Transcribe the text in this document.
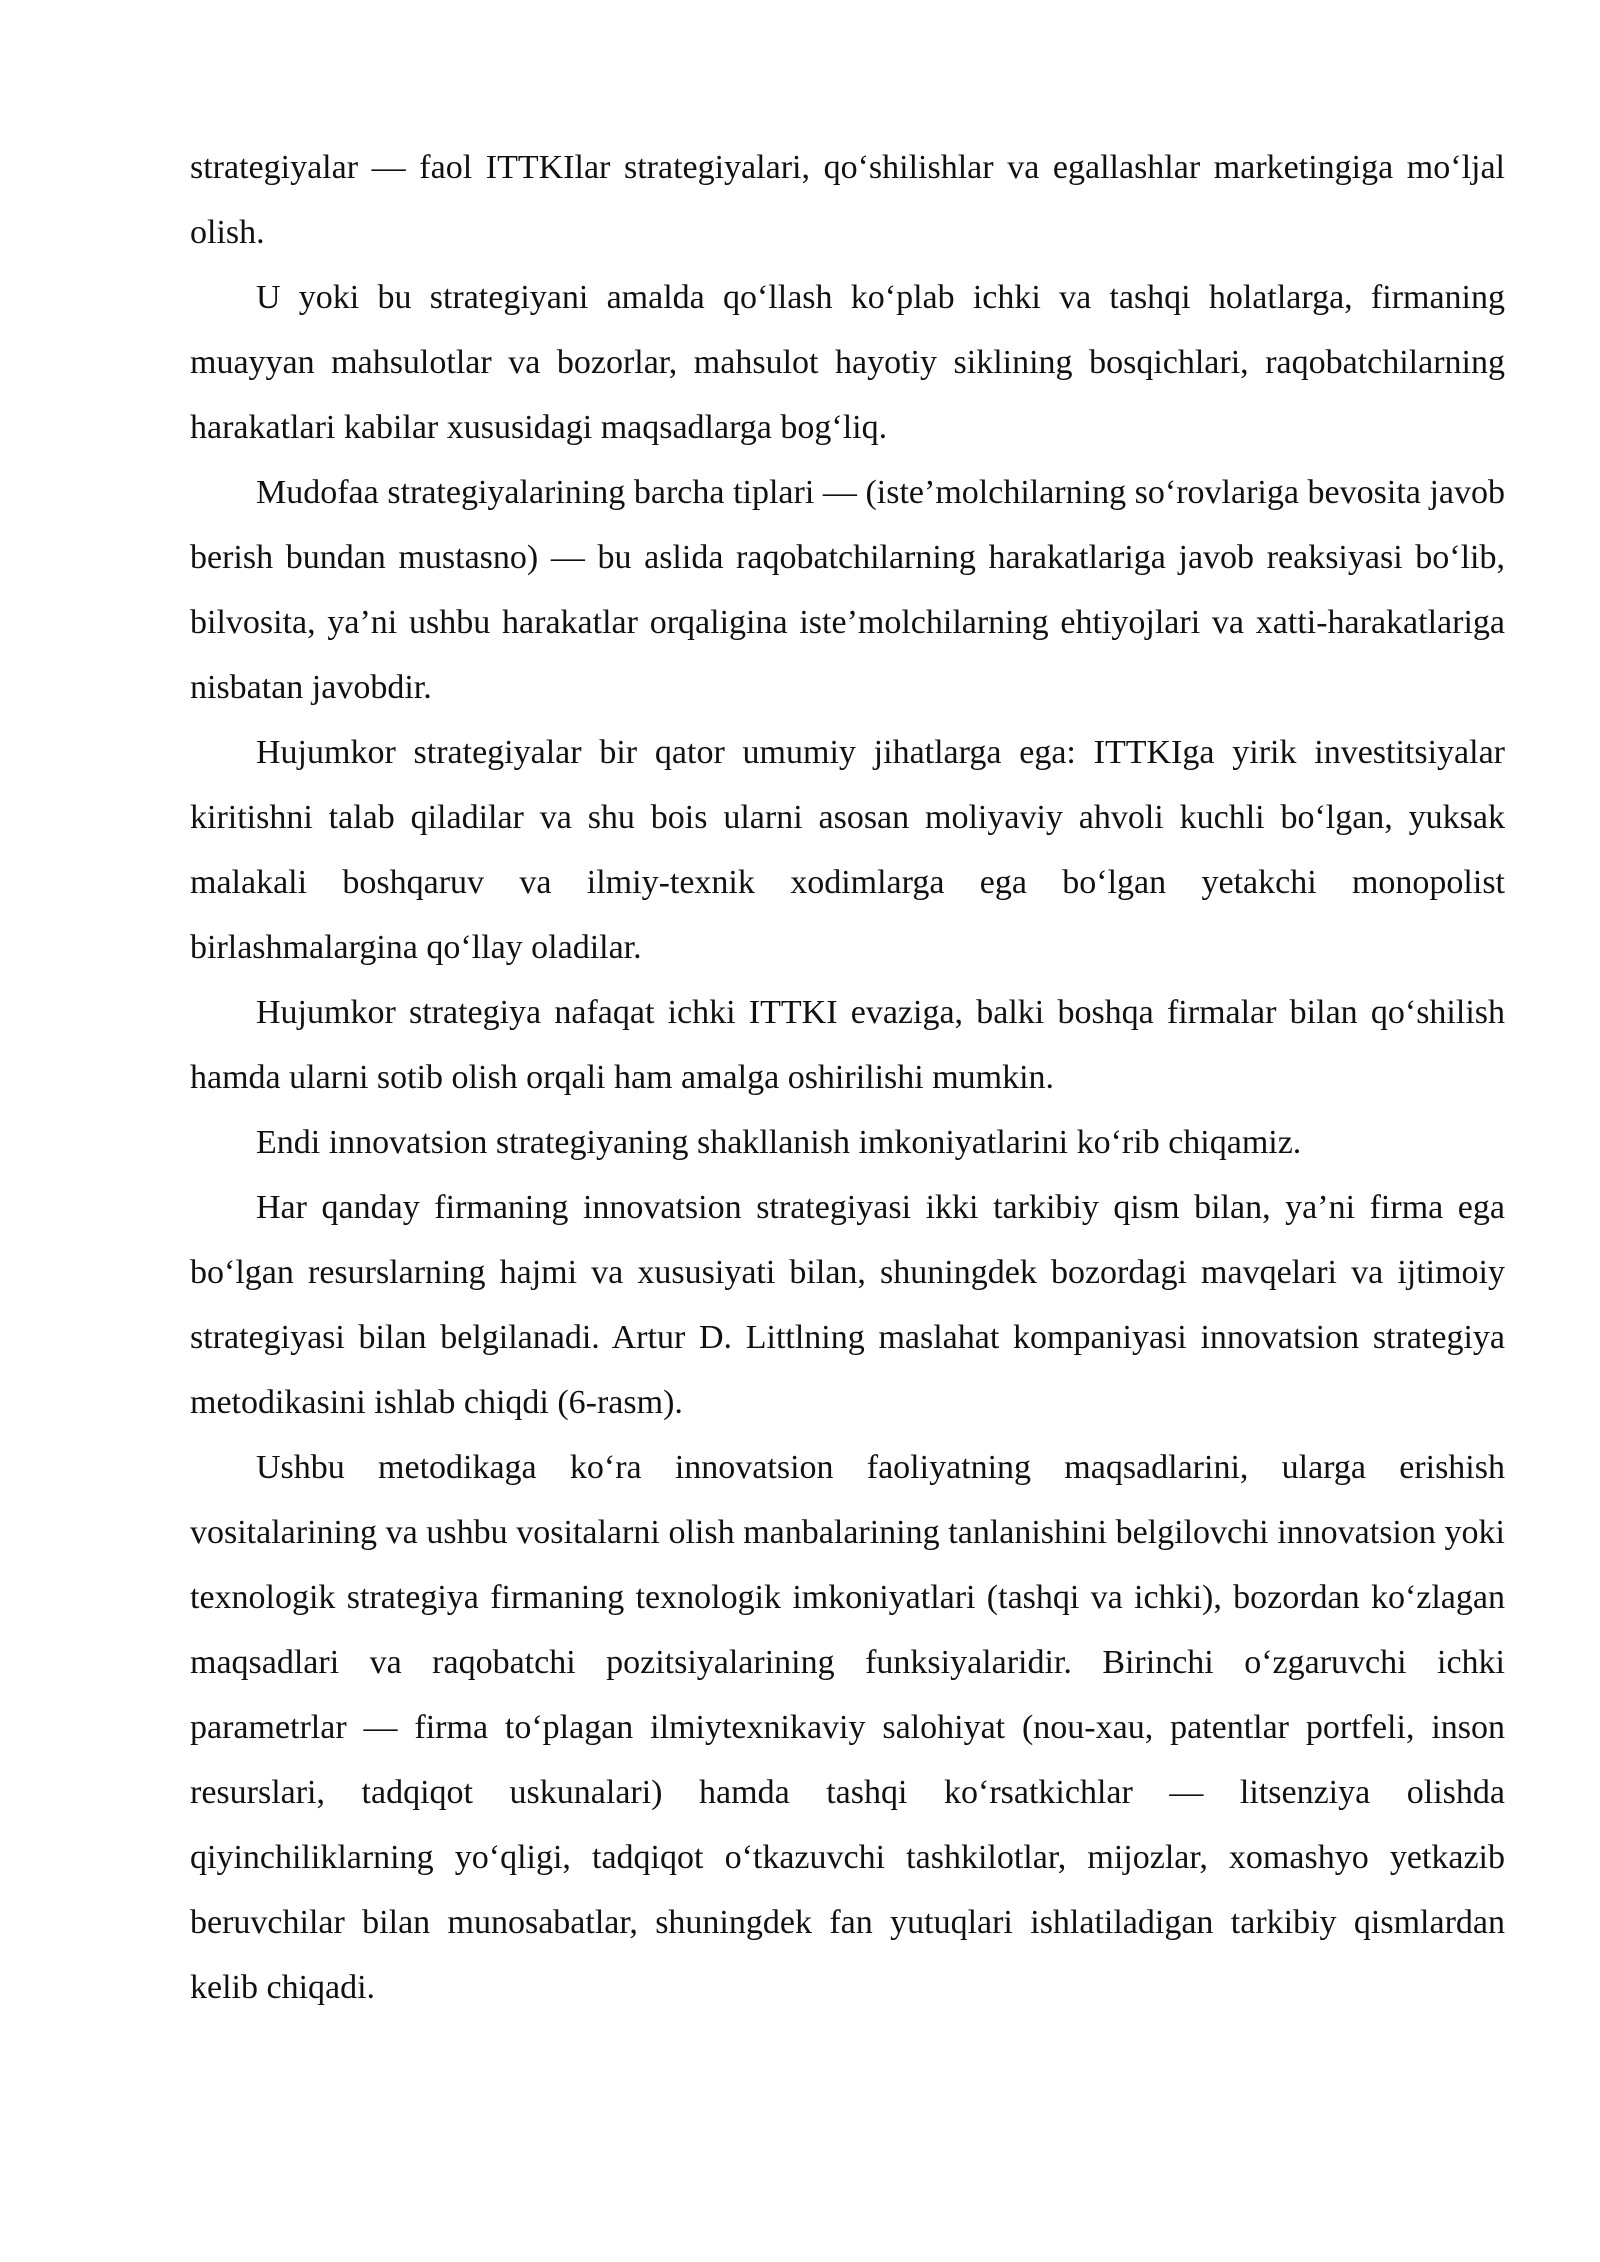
strategiyalar — faol ITTKIlar strategiyalari, qo‘shilishlar va egallashlar marketingiga mo‘ljal olish.

U yoki bu strategiyani amalda qo‘llash ko‘plab ichki va tashqi holatlarga, firmaning muayyan mahsulotlar va bozorlar, mahsulot hayotiy siklining bosqichlari, raqobatchilarning harakatlari kabilar xususidagi maqsadlarga bog‘liq.

Mudofaa strategiyalarining barcha tiplari — (iste’molchilarning so‘rovlariga bevosita javob berish bundan mustasno) — bu aslida raqobatchilarning harakatlariga javob reaksiyasi bo‘lib, bilvosita, ya’ni ushbu harakatlar orqaligina iste’molchilarning ehtiyojlari va xatti-harakatlariga nisbatan javobdir.

Hujumkor strategiyalar bir qator umumiy jihatlarga ega: ITTKIga yirik investitsiyalar kiritishni talab qiladilar va shu bois ularni asosan moliyaviy ahvoli kuchli bo‘lgan, yuksak malakali boshqaruv va ilmiy-texnik xodimlarga ega bo‘lgan yetakchi monopolist birlashmalargina qo‘llay oladilar.

Hujumkor strategiya nafaqat ichki ITTKI evaziga, balki boshqa firmalar bilan qo‘shilish hamda ularni sotib olish orqali ham amalga oshirilishi mumkin.

Endi innovatsion strategiyaning shakllanish imkoniyatlarini ko‘rib chiqamiz.

Har qanday firmaning innovatsion strategiyasi ikki tarkibiy qism bilan, ya’ni firma ega bo‘lgan resurslarning hajmi va xususiyati bilan, shuningdek bozordagi mavqelari va ijtimoiy strategiyasi bilan belgilanadi. Artur D. Littlning maslahat kompaniyasi innovatsion strategiya metodikasini ishlab chiqdi (6-rasm).

Ushbu metodikaga ko‘ra innovatsion faoliyatning maqsadlarini, ularga erishish vositalarining va ushbu vositalarni olish manbalarining tanlanishini belgilovchi innovatsion yoki texnologik strategiya firmaning texnologik imkoniyatlari (tashqi va ichki), bozordan ko‘zlagan maqsadlari va raqobatchi pozitsiyalarining funksiyalaridir. Birinchi o‘zgaruvchi ichki parametrlar — firma to‘plagan ilmiytexnikaviy salohiyat (nou-xau, patentlar portfeli, inson resurslari, tadqiqot uskunalari) hamda tashqi ko‘rsatkichlar — litsenziya olishda qiyinchiliklarning yo‘qligi, tadqiqot o‘tkazuvchi tashkilotlar, mijozlar, xomashyo yetkazib beruvchilar bilan munosabatlar, shuningdek fan yutuqlari ishlatiladigan tarkibiy qismlardan kelib chiqadi.
